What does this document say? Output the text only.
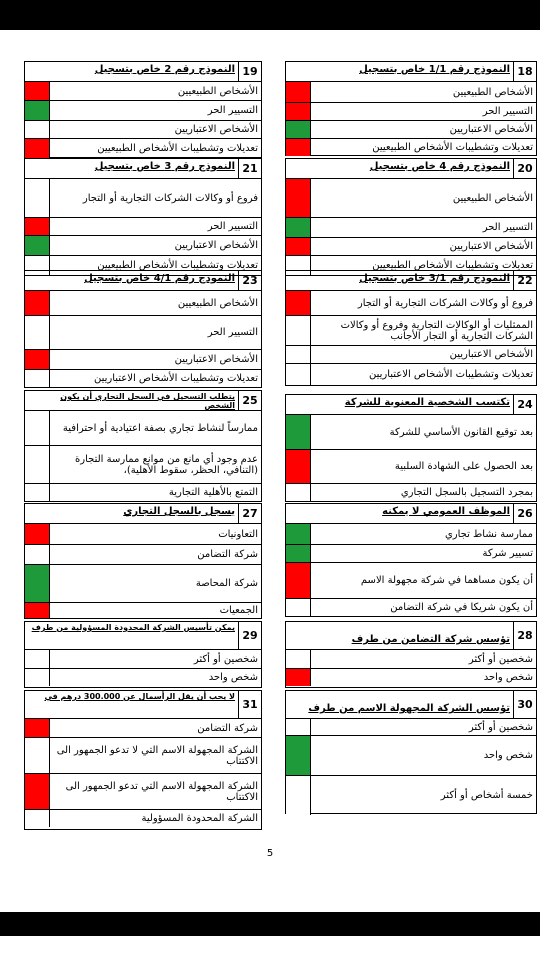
18
النموذج رقم 1/1 خاص بتسجيل
الأشخاص الطبيعيين
التسيير الحر
الأشخاص الاعتباريين
تعديلات وتشطيبات الأشخاص الطبيعيين
19
النموذج رقم 2 خاص بتسجيل
الأشخاص الطبيعيين
التسيير الحر
الأشخاص الاعتباريين
تعديلات وتشطيبات الأشخاص الطبيعيين
20
النموذج رقم 4 خاص بتسجيل
الأشخاص الطبيعيين
التسيير الحر
الأشخاص الاعتباريين
تعديلات وتشطيبات الأشخاص الطبيعيين
21
النموذج رقم 3 خاص بتسجيل
فروع أو وكالات الشركات التجارية أو التجار
التسيير الحر
الأشخاص الاعتباريين
تعديلات وتشطيبات الأشخاص الطبيعيين
22
النموذج رقم 3/1 خاص بتسجيل
فروع أو وكالات الشركات التجارية أو التجار
الممثليات أو الوكالات التجارية وفروع أو وكالات الشركات التجارية أو التجار الأجانب
الأشخاص الاعتباريين
تعديلات وتشطيبات الأشخاص الاعتباريين
23
النموذج رقم 4/1 خاص بتسجيل
الأشخاص الطبيعيين
التسيير الحر
الأشخاص الاعتباريين
تعديلات وتشطيبات الأشخاص الاعتباريين
24
تكتسب الشخصية المعنوية للشركة
بعد توقيع القانون الأساسي للشركة
بعد الحصول على الشهادة السلبية
بمجرد التسجيل بالسجل التجاري
25
يتطلب التسجيل في السجل التجاري أن يكون الشخص
ممارساً لنشاط تجاري بصفة اعتيادية أو احترافية
عدم وجود أي مانع من موانع ممارسة التجارة (التنافي، الحظر، سقوط الأهلية)،
التمتع بالأهلية التجارية
26
الموظف العمومي لا يمكنه
ممارسة نشاط تجاري
تسيير شركة
أن يكون مساهما في شركة مجهولة الاسم
أن يكون شريكا في شركة التضامن
27
يسجل بالسجل التجاري
التعاونيات
شركة التضامن
شركة المحاصة
الجمعيات
28
تؤسس شركة التضامن من طرف
شخصين أو أكثر
شخص واحد
29
يمكن تأسيس الشركة المحدودة المسؤولية من طرف
شخصين أو أكثر
شخص واحد
30
تؤسس الشركة المجهولة الاسم من طرف
شخصين أو أكثر
شخص واحد
خمسة أشخاص أو أكثر
31
لا يجب أن يقل الرأسمال عن 300.000 درهم في
شركة التضامن
الشركة المجهولة الاسم التي لا تدعو الجمهور الى الاكتتاب
الشركة المجهولة الاسم التي تدعو الجمهور الى الاكتتاب
الشركة المحدودة المسؤولية
5
